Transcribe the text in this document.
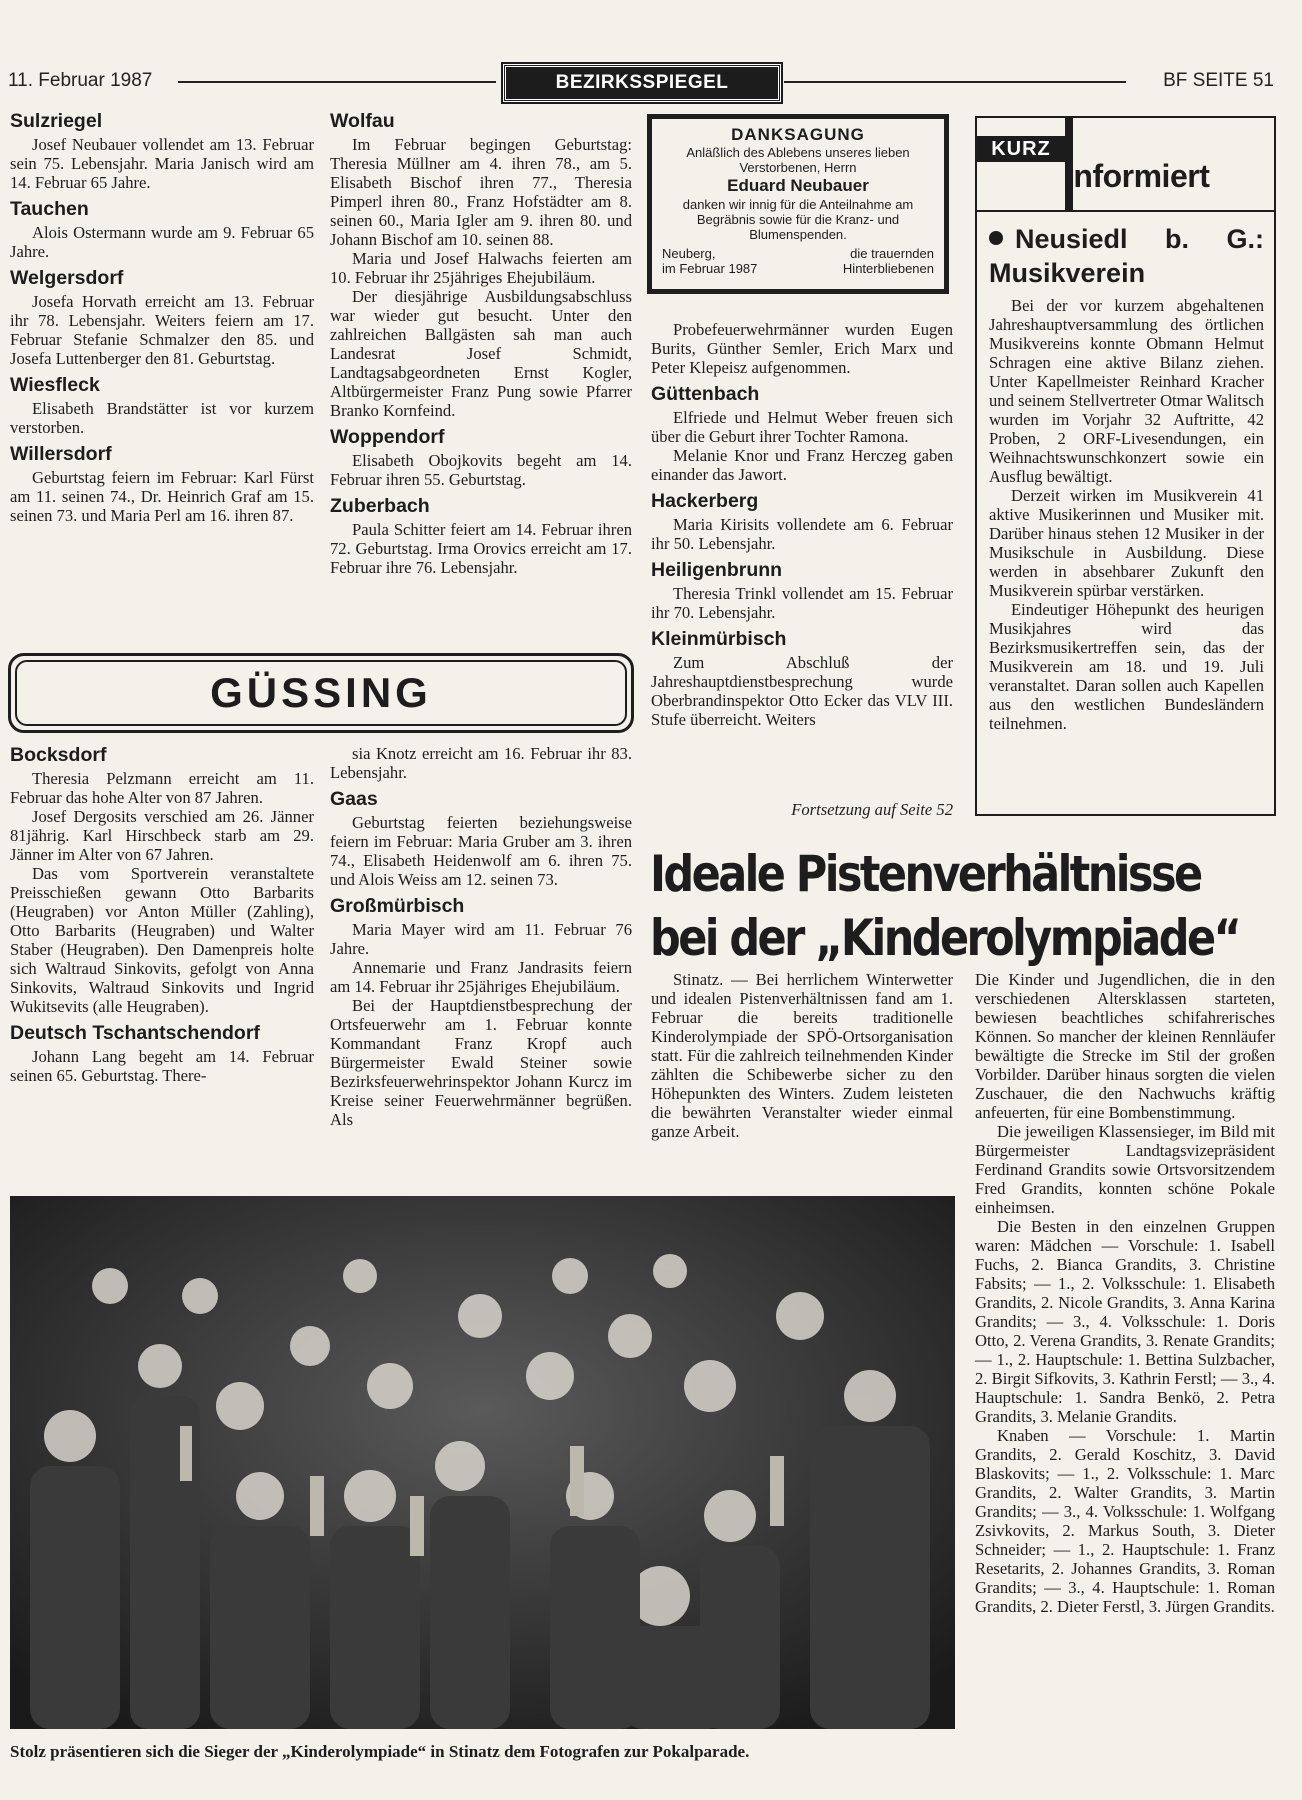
11. Februar 1987	BEZIRKSSPIEGEL	BF SEITE 51
Sulzriegel

Josef Neubauer vollendet am 13. Februar sein 75. Lebensjahr. Maria Janisch wird am 14. Februar 65 Jahre.

Tauchen

Alois Ostermann wurde am 9. Februar 65 Jahre.

Welgersdorf

Josefa Horvath erreicht am 13. Februar ihr 78. Lebensjahr. Weiters feiern am 17. Februar Stefanie Schmalzer den 85. und Josefa Luttenberger den 81. Geburtstag.

Wiesfleck

Elisabeth Brandstätter ist vor kurzem verstorben.

Willersdorf

Geburtstag feiern im Februar: Karl Fürst am 11. seinen 74., Dr. Heinrich Graf am 15. seinen 73. und Maria Perl am 16. ihren 87.

Wolfau

Im Februar begingen Geburtstag: Theresia Müllner am 4. ihren 78., am 5. Elisabeth Bischof ihren 77., Theresia Pimperl ihren 80., Franz Hofstädter am 8. seinen 60., Maria Igler am 9. ihren 80. und Johann Bischof am 10. seinen 88.

Maria und Josef Halwachs feierten am 10. Februar ihr 25jähriges Ehejubiläum.

Der diesjährige Ausbildungsabschluss war wieder gut besucht. Unter den zahlreichen Ballgästen sah man auch Landesrat Josef Schmidt, Landtagsabgeordneten Ernst Kogler, Altbürgermeister Franz Pung sowie Pfarrer Branko Kornfeind.

Woppendorf

Elisabeth Obojkovits begeht am 14. Februar ihren 55. Geburtstag.

Zuberbach

Paula Schitter feiert am 14. Februar ihren 72. Geburtstag. Irma Orovics erreicht am 17. Februar ihre 76. Lebensjahr.

DANKSAGUNG
Anläßlich des Ablebens unseres lieben Verstorbenen, Herrn
Eduard Neubauer
danken wir innig für die Anteilnahme am Begräbnis sowie für die Kranz- und Blumenspenden.
Neuberg,
im Februar 1987
die trauernden
Hinterbliebenen

Probefeuerwehrmänner wurden Eugen Burits, Günther Semler, Erich Marx und Peter Klepeisz aufgenommen.

Güttenbach

Elfriede und Helmut Weber freuen sich über die Geburt ihrer Tochter Ramona.

Melanie Knor und Franz Herczeg gaben einander das Jawort.

Hackerberg

Maria Kirisits vollendete am 6. Februar ihr 50. Lebensjahr.

Heiligenbrunn

Theresia Trinkl vollendet am 15. Februar ihr 70. Lebensjahr.

Kleinmürbisch

Zum Abschluß der Jahreshauptdienstbesprechung wurde Oberbrandinspektor Otto Ecker das VLV III. Stufe überreicht. Weiters

Fortsetzung auf Seite 52
KURZ
Informiert
Neusiedl b. G.: Musikverein

Bei der vor kurzem abgehaltenen Jahreshauptversammlung des örtlichen Musikvereins konnte Obmann Helmut Schragen eine aktive Bilanz ziehen. Unter Kapellmeister Reinhard Kracher und seinem Stellvertreter Otmar Walitsch wurden im Vorjahr 32 Auftritte, 42 Proben, 2 ORF-Livesendungen, ein Weihnachtswunschkonzert sowie ein Ausflug bewältigt.

Derzeit wirken im Musikverein 41 aktive Musikerinnen und Musiker mit. Darüber hinaus stehen 12 Musiker in der Musikschule in Ausbildung. Diese werden in absehbarer Zukunft den Musikverein spürbar verstärken.

Eindeutiger Höhepunkt des heurigen Musikjahres wird das Bezirksmusikertreffen sein, das der Musikverein am 18. und 19. Juli veranstaltet. Daran sollen auch Kapellen aus den westlichen Bundesländern teilnehmen.

GÜSSING
Bocksdorf

Theresia Pelzmann erreicht am 11. Februar das hohe Alter von 87 Jahren.

Josef Dergosits verschied am 26. Jänner 81jährig. Karl Hirschbeck starb am 29. Jänner im Alter von 67 Jahren.

Das vom Sportverein veranstaltete Preisschießen gewann Otto Barbarits (Heugraben) vor Anton Müller (Zahling), Otto Barbarits (Heugraben) und Walter Staber (Heugraben). Den Damenpreis holte sich Waltraud Sinkovits, gefolgt von Anna Sinkovits, Waltraud Sinkovits und Ingrid Wukitsevits (alle Heugraben).

Deutsch Tschantschendorf

Johann Lang begeht am 14. Februar seinen 65. Geburtstag. There-

sia Knotz erreicht am 16. Februar ihr 83. Lebensjahr.

Gaas

Geburtstag feierten beziehungsweise feiern im Februar: Maria Gruber am 3. ihren 74., Elisabeth Heidenwolf am 6. ihren 75. und Alois Weiss am 12. seinen 73.

Großmürbisch

Maria Mayer wird am 11. Februar 76 Jahre.

Annemarie und Franz Jandrasits feiern am 14. Februar ihr 25jähriges Ehejubiläum.

Bei der Hauptdienstbesprechung der Ortsfeuerwehr am 1. Februar konnte Kommandant Franz Kropf auch Bürgermeister Ewald Steiner sowie Bezirksfeuerwehrinspektor Johann Kurcz im Kreise seiner Feuerwehrmänner begrüßen. Als

Ideale Pistenverhältnisse
bei der „Kinderolympiade“

Stinatz. — Bei herrlichem Winterwetter und idealen Pistenverhältnissen fand am 1. Februar die bereits traditionelle Kinderolympiade der SPÖ-Ortsorganisation statt. Für die zahlreich teilnehmenden Kinder zählten die Schibewerbe sicher zu den Höhepunkten des Winters. Zudem leisteten die bewährten Veranstalter wieder einmal ganze Arbeit.

Die Kinder und Jugendlichen, die in den verschiedenen Altersklassen starteten, bewiesen beachtliches schifahrerisches Können. So mancher der kleinen Rennläufer bewältigte die Strecke im Stil der großen Vorbilder. Darüber hinaus sorgten die vielen Zuschauer, die den Nachwuchs kräftig anfeuerten, für eine Bombenstimmung.

Die jeweiligen Klassensieger, im Bild mit Bürgermeister Landtagsvizepräsident Ferdinand Grandits sowie Ortsvorsitzendem Fred Grandits, konnten schöne Pokale einheimsen.

Die Besten in den einzelnen Gruppen waren: Mädchen — Vorschule: 1. Isabell Fuchs, 2. Bianca Grandits, 3. Christine Fabsits; — 1., 2. Volksschule: 1. Elisabeth Grandits, 2. Nicole Grandits, 3. Anna Karina Grandits; — 3., 4. Volksschule: 1. Doris Otto, 2. Verena Grandits, 3. Renate Grandits; — 1., 2. Hauptschule: 1. Bettina Sulzbacher, 2. Birgit Sifkovits, 3. Kathrin Ferstl; — 3., 4. Hauptschule: 1. Sandra Benkö, 2. Petra Grandits, 3. Melanie Grandits.

Knaben — Vorschule: 1. Martin Grandits, 2. Gerald Koschitz, 3. David Blaskovits; — 1., 2. Volksschule: 1. Marc Grandits, 2. Walter Grandits, 3. Martin Grandits; — 3., 4. Volksschule: 1. Wolfgang Zsivkovits, 2. Markus South, 3. Dieter Schneider; — 1., 2. Hauptschule: 1. Franz Resetarits, 2. Johannes Grandits, 3. Roman Grandits; — 3., 4. Hauptschule: 1. Roman Grandits, 2. Dieter Ferstl, 3. Jürgen Grandits.

Stolz präsentieren sich die Sieger der „Kinderolympiade“ in Stinatz dem Fotografen zur Pokalparade.
